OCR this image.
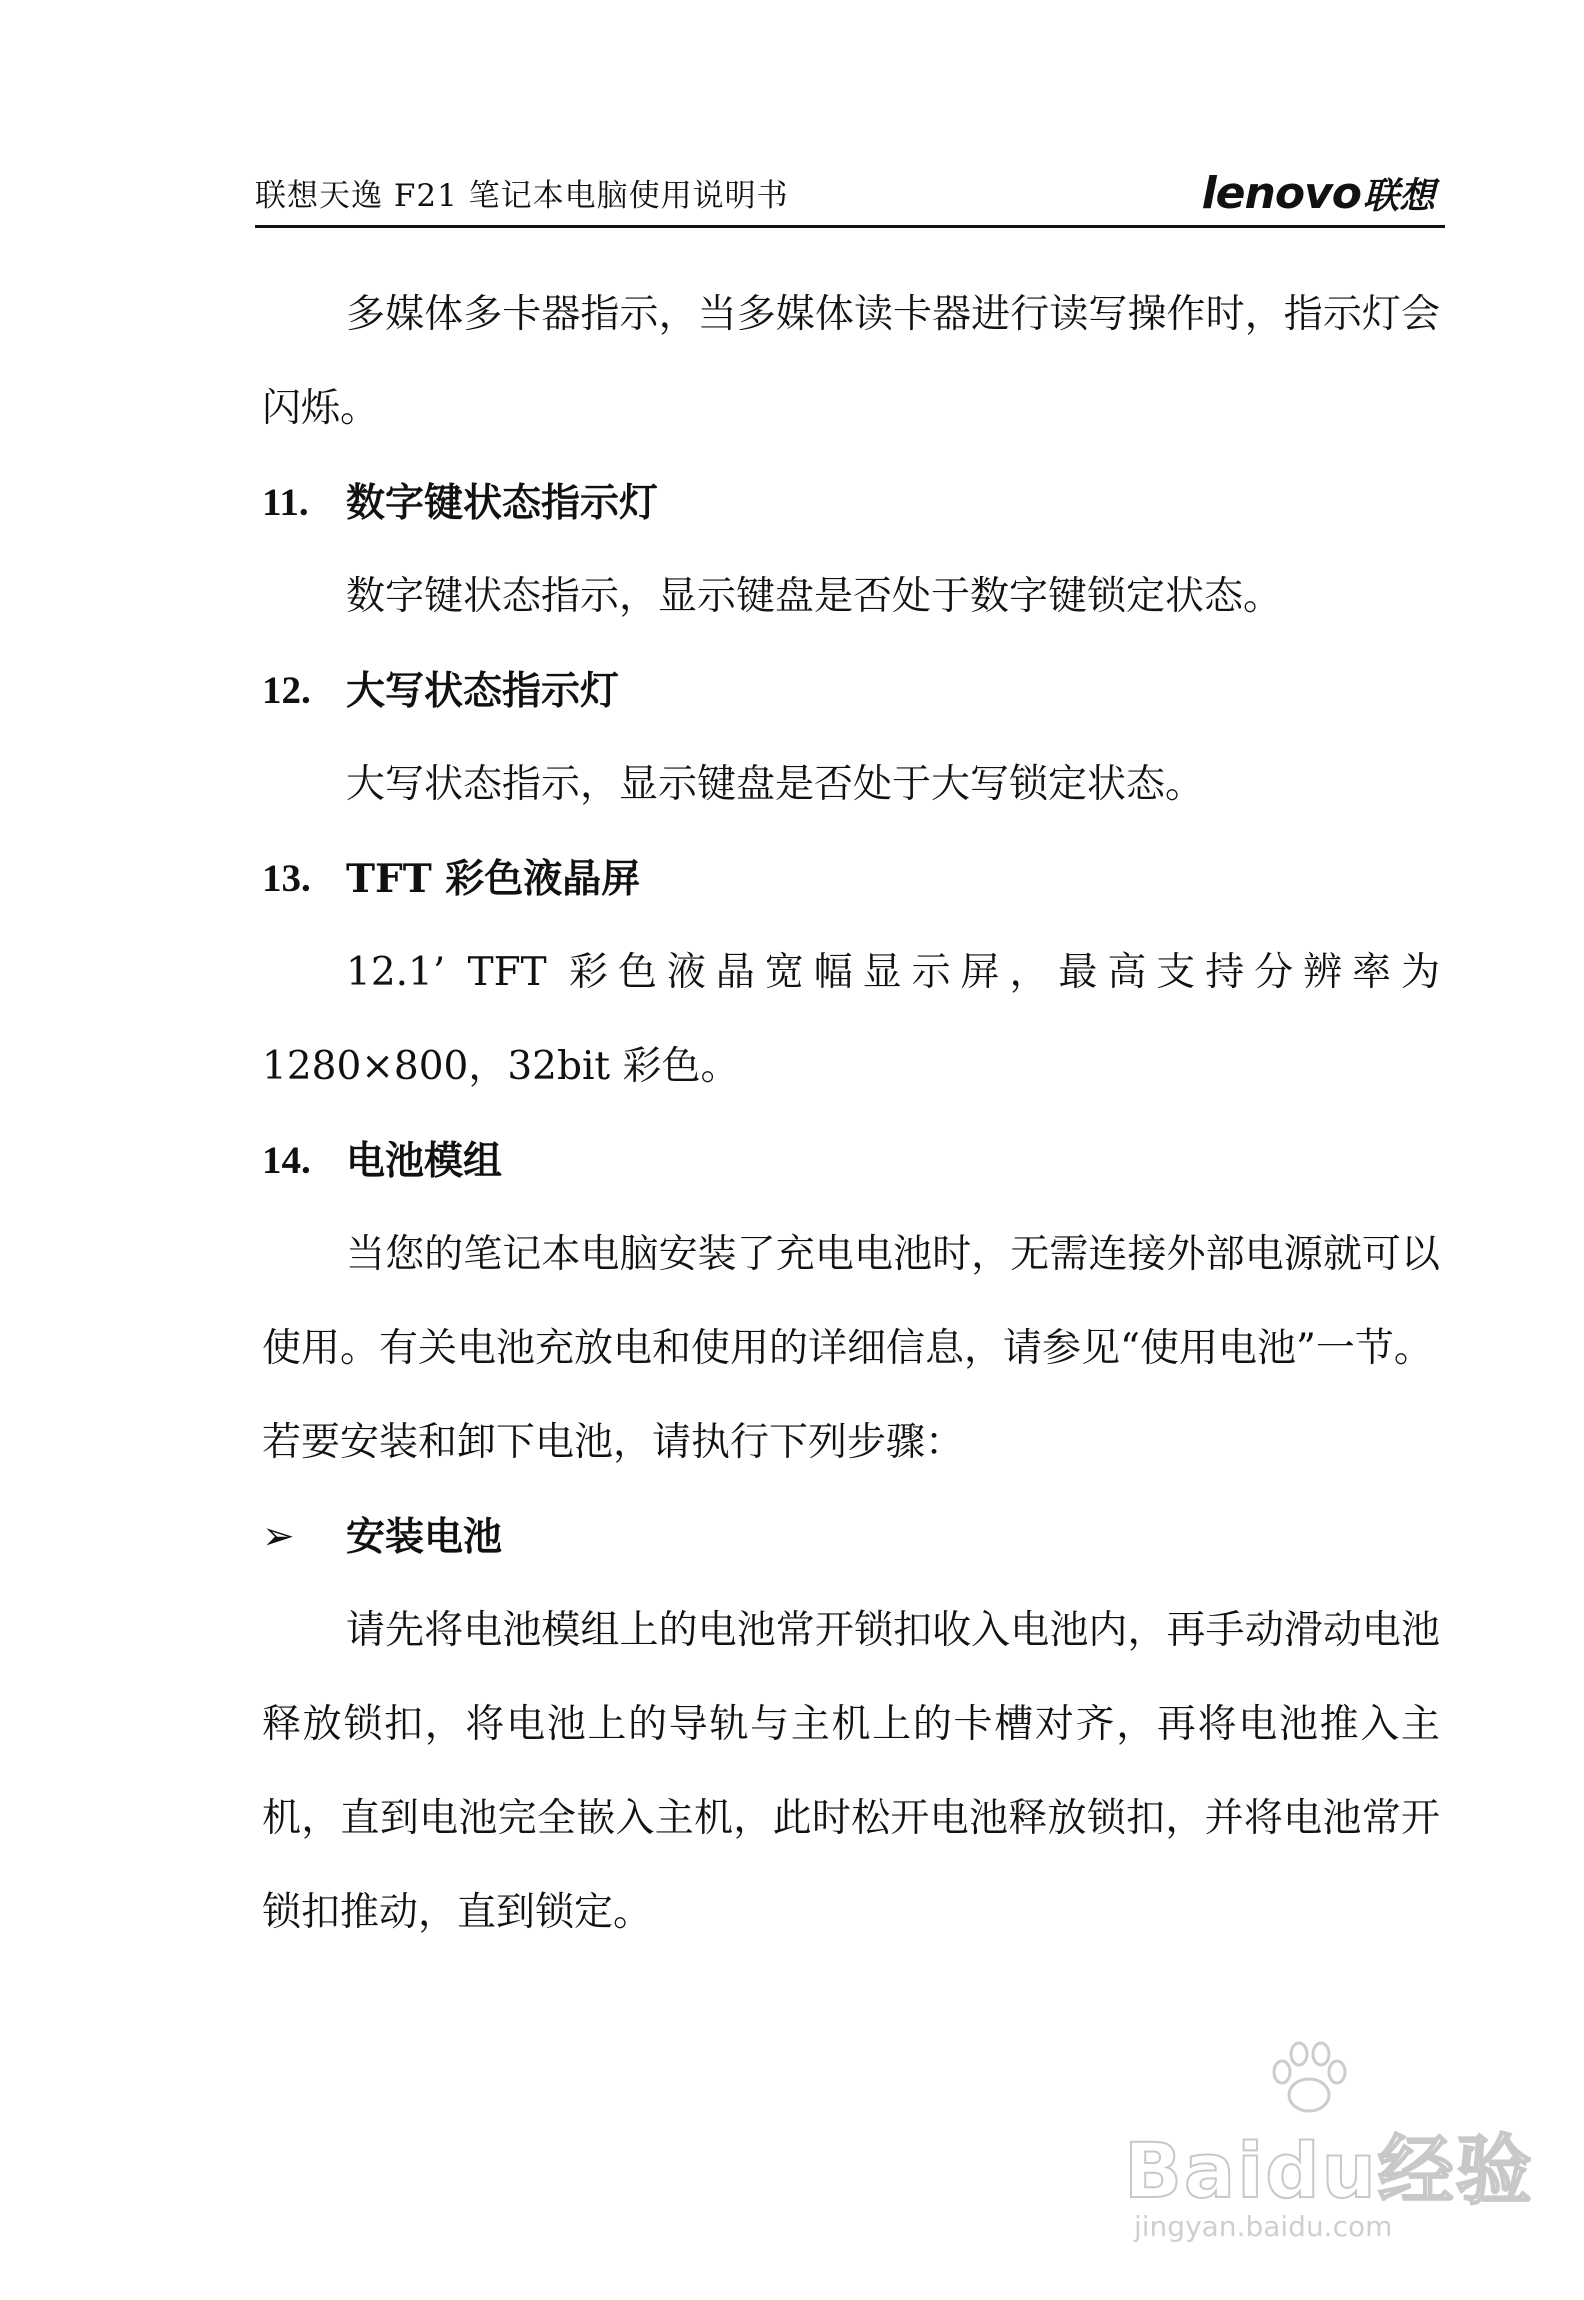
联想天逸 F21 笔记本电脑使用说明书	lenovo 联想

多媒体多卡器指示，当多媒体读卡器进行读写操作时，指示灯会闪烁。

11. 数字键状态指示灯

数字键状态指示，显示键盘是否处于数字键锁定状态。

12. 大写状态指示灯

大写状态指示，显示键盘是否处于大写锁定状态。

13. TFT 彩色液晶屏

12.1’ TFT 彩色液晶宽幅显示屏，最高支持分辨率为 1280×800，32bit 彩色。

14. 电池模组

当您的笔记本电脑安装了充电电池时，无需连接外部电源就可以使用。有关电池充放电和使用的详细信息，请参见“使用电池”一节。

若要安装和卸下电池，请执行下列步骤：

➢	安装电池

请先将电池模组上的电池常开锁扣收入电池内，再手动滑动电池释放锁扣，将电池上的导轨与主机上的卡槽对齐，再将电池推入主机，直到电池完全嵌入主机，此时松开电池释放锁扣，并将电池常开锁扣推动，直到锁定。

Baidu经验
jingyan.baidu.com
